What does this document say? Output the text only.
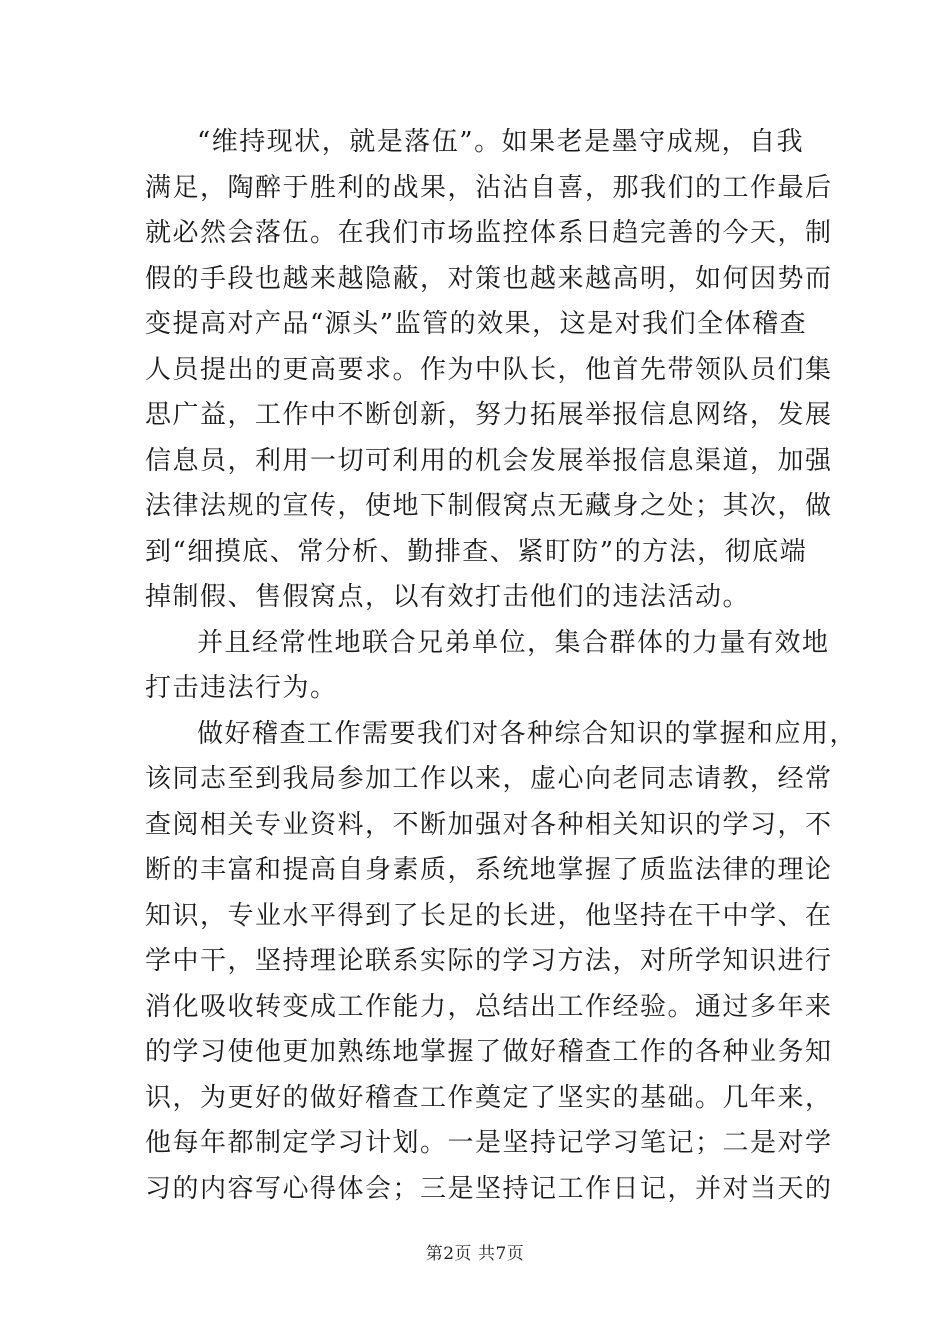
“维持现状，就是落伍”。如果老是墨守成规，自我
满足，陶醉于胜利的战果，沾沾自喜，那我们的工作最后
就必然会落伍。在我们市场监控体系日趋完善的今天，制
假的手段也越来越隐蔽，对策也越来越高明，如何因势而
变提高对产品“源头”监管的效果，这是对我们全体稽查
人员提出的更高要求。作为中队长，他首先带领队员们集
思广益，工作中不断创新，努力拓展举报信息网络，发展
信息员，利用一切可利用的机会发展举报信息渠道，加强
法律法规的宣传，使地下制假窝点无藏身之处；其次，做
到“细摸底、常分析、勤排查、紧盯防”的方法，彻底端
掉制假、售假窝点，以有效打击他们的违法活动。
并且经常性地联合兄弟单位，集合群体的力量有效地
打击违法行为。
做好稽查工作需要我们对各种综合知识的掌握和应用，
该同志至到我局参加工作以来，虚心向老同志请教，经常
查阅相关专业资料，不断加强对各种相关知识的学习，不
断的丰富和提高自身素质，系统地掌握了质监法律的理论
知识，专业水平得到了长足的长进，他坚持在干中学、在
学中干，坚持理论联系实际的学习方法，对所学知识进行
消化吸收转变成工作能力，总结出工作经验。通过多年来
的学习使他更加熟练地掌握了做好稽查工作的各种业务知
识，为更好的做好稽查工作奠定了坚实的基础。几年来，
他每年都制定学习计划。一是坚持记学习笔记；二是对学
习的内容写心得体会；三是坚持记工作日记，并对当天的
第2页 共7页
